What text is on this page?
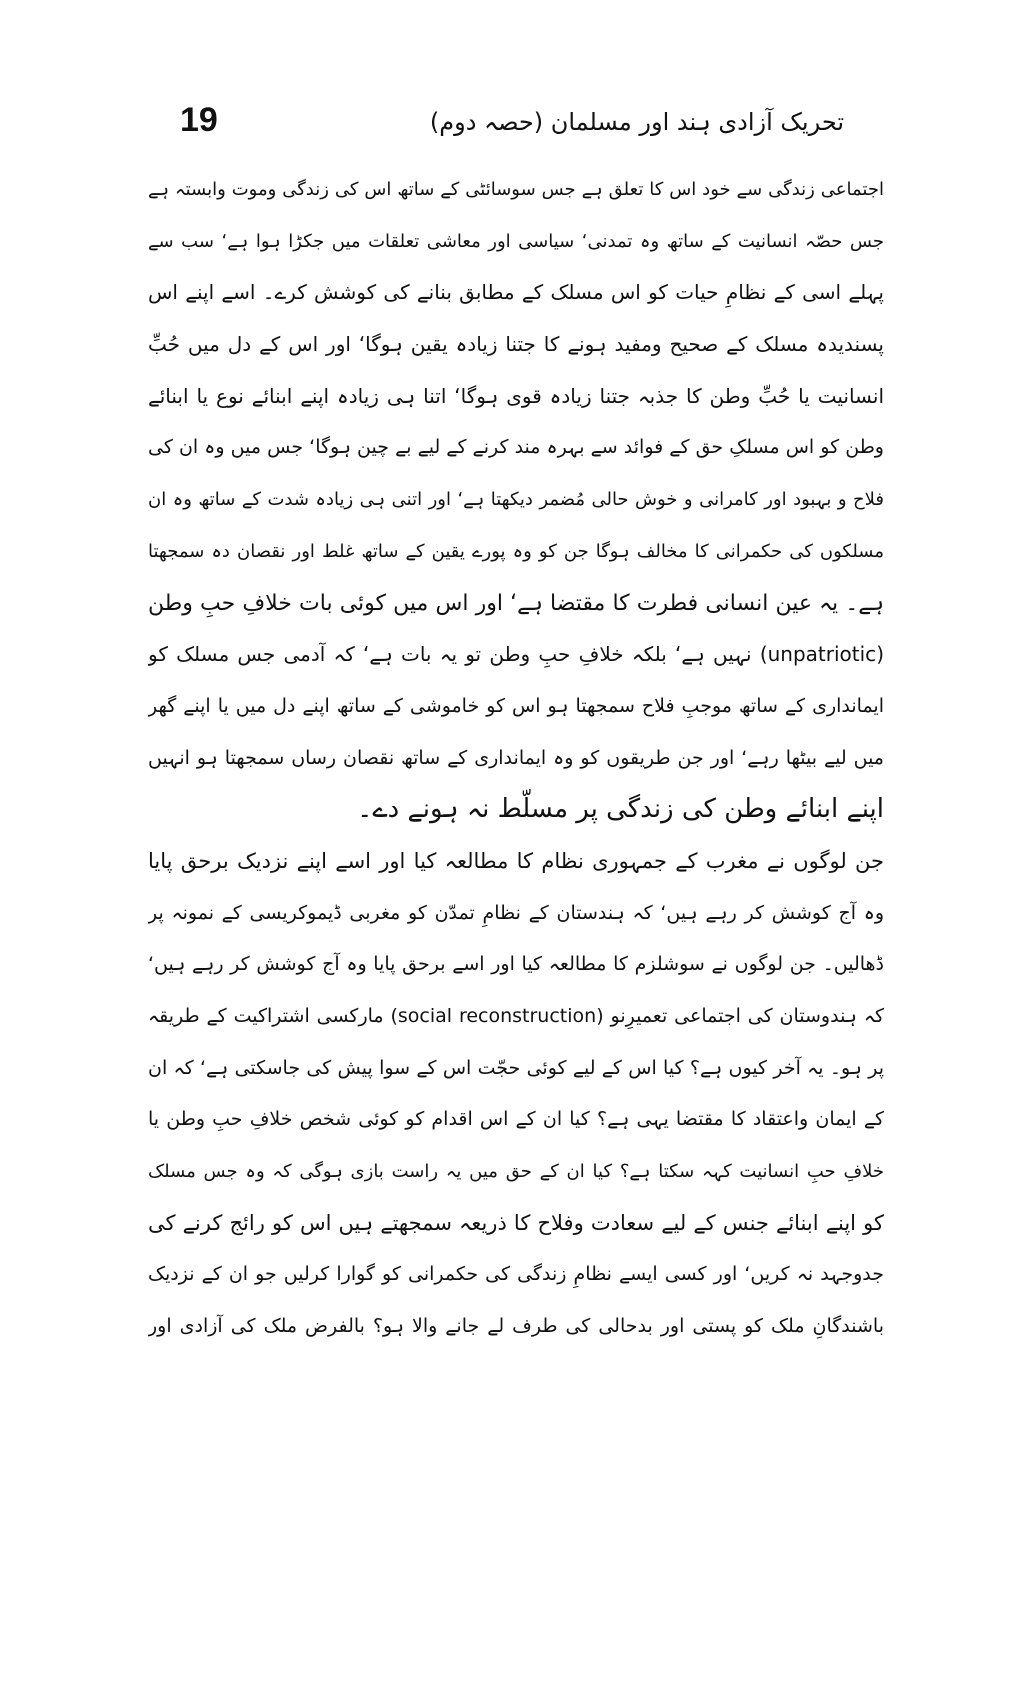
19	تحریک آزادی ہند اور مسلمان (حصہ دوم)
اجتماعی زندگی سے خود اس کا تعلق ہے جس سوسائٹی کے ساتھ اس کی زندگی وموت وابستہ ہے
جس حصّہ انسانیت کے ساتھ وہ تمدنی‘ سیاسی اور معاشی تعلقات میں جکڑا ہوا ہے‘ سب سے
پہلے اسی کے نظامِ حیات کو اس مسلک کے مطابق بنانے کی کوشش کرے۔ اسے اپنے اس
پسندیدہ مسلک کے صحیح ومفید ہونے کا جتنا زیادہ یقین ہوگا‘ اور اس کے دل میں حُبِّ
انسانیت یا حُبِّ وطن کا جذبہ جتنا زیادہ قوی ہوگا‘ اتنا ہی زیادہ اپنے ابنائے نوع یا ابنائے
وطن کو اس مسلکِ حق کے فوائد سے بہرہ مند کرنے کے لیے بے چین ہوگا‘ جس میں وہ ان کی
فلاح و بہبود اور کامرانی و خوش حالی مُضمر دیکھتا ہے‘ اور اتنی ہی زیادہ شدت کے ساتھ وہ ان
مسلکوں کی حکمرانی کا مخالف ہوگا جن کو وہ پورے یقین کے ساتھ غلط اور نقصان دہ سمجھتا
ہے۔ یہ عین انسانی فطرت کا مقتضا ہے‘ اور اس میں کوئی بات خلافِ حبِ وطن
(unpatriotic) نہیں ہے‘ بلکہ خلافِ حبِ وطن تو یہ بات ہے‘ کہ آدمی جس مسلک کو
ایمانداری کے ساتھ موجبِ فلاح سمجھتا ہو اس کو خاموشی کے ساتھ اپنے دل میں یا اپنے گھر
میں لیے بیٹھا رہے‘ اور جن طریقوں کو وہ ایمانداری کے ساتھ نقصان رساں سمجھتا ہو انہیں
اپنے ابنائے وطن کی زندگی پر مسلّط نہ ہونے دے۔
جن لوگوں نے مغرب کے جمہوری نظام کا مطالعہ کیا اور اسے اپنے نزدیک برحق پایا
وہ آج کوشش کر رہے ہیں‘ کہ ہندستان کے نظامِ تمدّن کو مغربی ڈیموکریسی کے نمونہ پر
ڈھالیں۔ جن لوگوں نے سوشلزم کا مطالعہ کیا اور اسے برحق پایا وہ آج کوشش کر رہے ہیں‘
کہ ہندوستان کی اجتماعی تعمیرِنو (social reconstruction) مارکسی اشتراکیت کے طریقہ
پر ہو۔ یہ آخر کیوں ہے؟ کیا اس کے لیے کوئی حجّت اس کے سوا پیش کی جاسکتی ہے‘ کہ ان
کے ایمان واعتقاد کا مقتضا یہی ہے؟ کیا ان کے اس اقدام کو کوئی شخص خلافِ حبِ وطن یا
خلافِ حبِ انسانیت کہہ سکتا ہے؟ کیا ان کے حق میں یہ راست بازی ہوگی کہ وہ جس مسلک
کو اپنے ابنائے جنس کے لیے سعادت وفلاح کا ذریعہ سمجھتے ہیں اس کو رائج کرنے کی
جدوجہد نہ کریں‘ اور کسی ایسے نظامِ زندگی کی حکمرانی کو گوارا کرلیں جو ان کے نزدیک
باشندگانِ ملک کو پستی اور بدحالی کی طرف لے جانے والا ہو؟ بالفرض ملک کی آزادی اور
